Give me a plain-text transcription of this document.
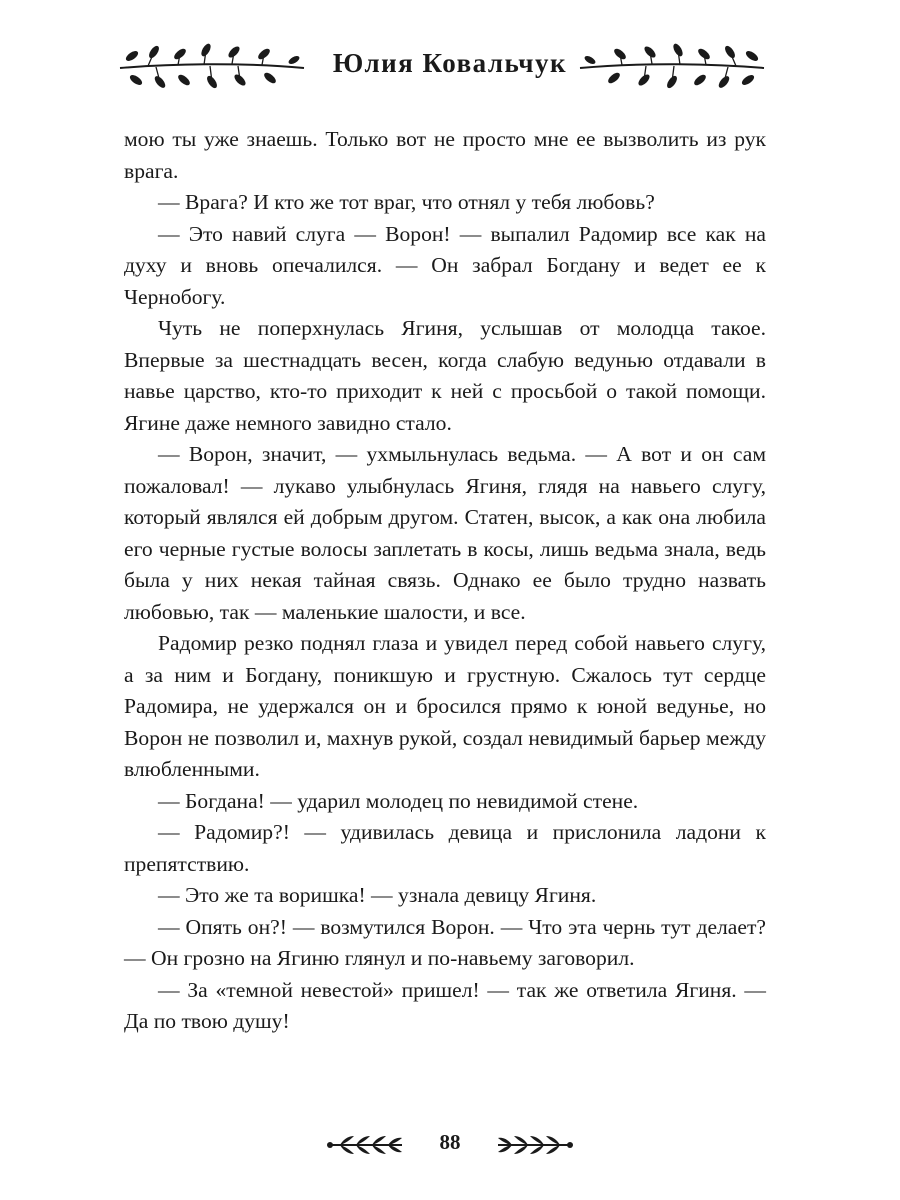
Юлия Ковальчук

мою ты уже знаешь. Только вот не просто мне ее вызволить из рук врага.

— Врага? И кто же тот враг, что отнял у тебя любовь?

— Это навий слуга — Ворон! — выпалил Радомир все как на духу и вновь опечалился. — Он забрал Богдану и ведет ее к Чернобогу.

Чуть не поперхнулась Ягиня, услышав от молодца такое. Впервые за шестнадцать весен, когда слабую ведунью отдавали в навье царство, кто-то приходит к ней с просьбой о такой помощи. Ягине даже немного завидно стало.

— Ворон, значит, — ухмыльнулась ведьма. — А вот и он сам пожаловал! — лукаво улыбнулась Ягиня, глядя на навьего слугу, который являлся ей добрым другом. Статен, высок, а как она любила его черные густые волосы заплетать в косы, лишь ведьма знала, ведь была у них некая тайная связь. Однако ее было трудно назвать любовью, так — маленькие шалости, и все.

Радомир резко поднял глаза и увидел перед собой навьего слугу, а за ним и Богдану, поникшую и грустную. Сжалось тут сердце Радомира, не удержался он и бросился прямо к юной ведунье, но Ворон не позволил и, махнув рукой, создал невидимый барьер между влюбленными.

— Богдана! — ударил молодец по невидимой стене.

— Радомир?! — удивилась девица и прислонила ладони к препятствию.

— Это же та воришка! — узнала девицу Ягиня.

— Опять он?! — возмутился Ворон. — Что эта чернь тут делает? — Он грозно на Ягиню глянул и по-навьему заговорил.

— За «темной невестой» пришел! — так же ответила Ягиня. — Да по твою душу!

88
